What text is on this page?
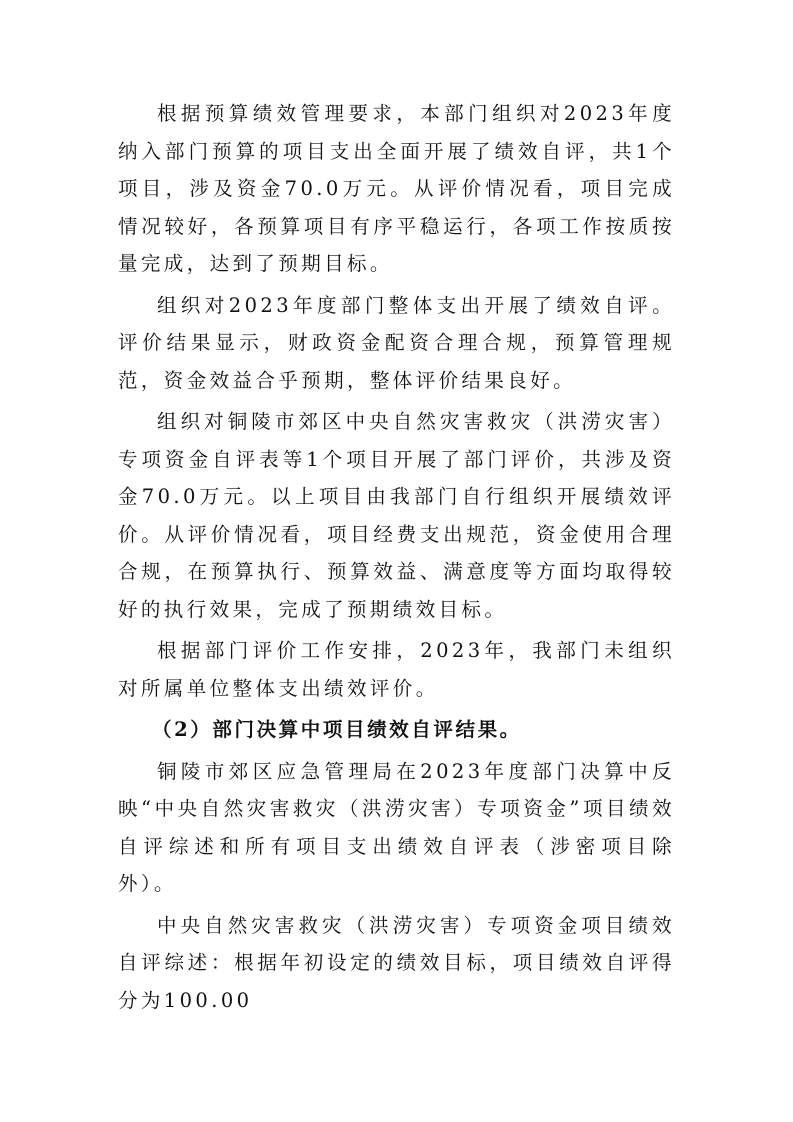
根据预算绩效管理要求，本部门组织对2023年度纳入部门预算的项目支出全面开展了绩效自评，共1个项目，涉及资金70.0万元。从评价情况看，项目完成情况较好，各预算项目有序平稳运行，各项工作按质按量完成，达到了预期目标。

组织对2023年度部门整体支出开展了绩效自评。评价结果显示，财政资金配资合理合规，预算管理规范，资金效益合乎预期，整体评价结果良好。

组织对铜陵市郊区中央自然灾害救灾（洪涝灾害）专项资金自评表等1个项目开展了部门评价，共涉及资金70.0万元。以上项目由我部门自行组织开展绩效评价。从评价情况看，项目经费支出规范，资金使用合理合规，在预算执行、预算效益、满意度等方面均取得较好的执行效果，完成了预期绩效目标。

根据部门评价工作安排，2023年，我部门未组织对所属单位整体支出绩效评价。

（2）部门决算中项目绩效自评结果。

铜陵市郊区应急管理局在2023年度部门决算中反映“中央自然灾害救灾（洪涝灾害）专项资金”项目绩效自评综述和所有项目支出绩效自评表（涉密项目除外）。

中央自然灾害救灾（洪涝灾害）专项资金项目绩效自评综述：根据年初设定的绩效目标，项目绩效自评得分为100.00
